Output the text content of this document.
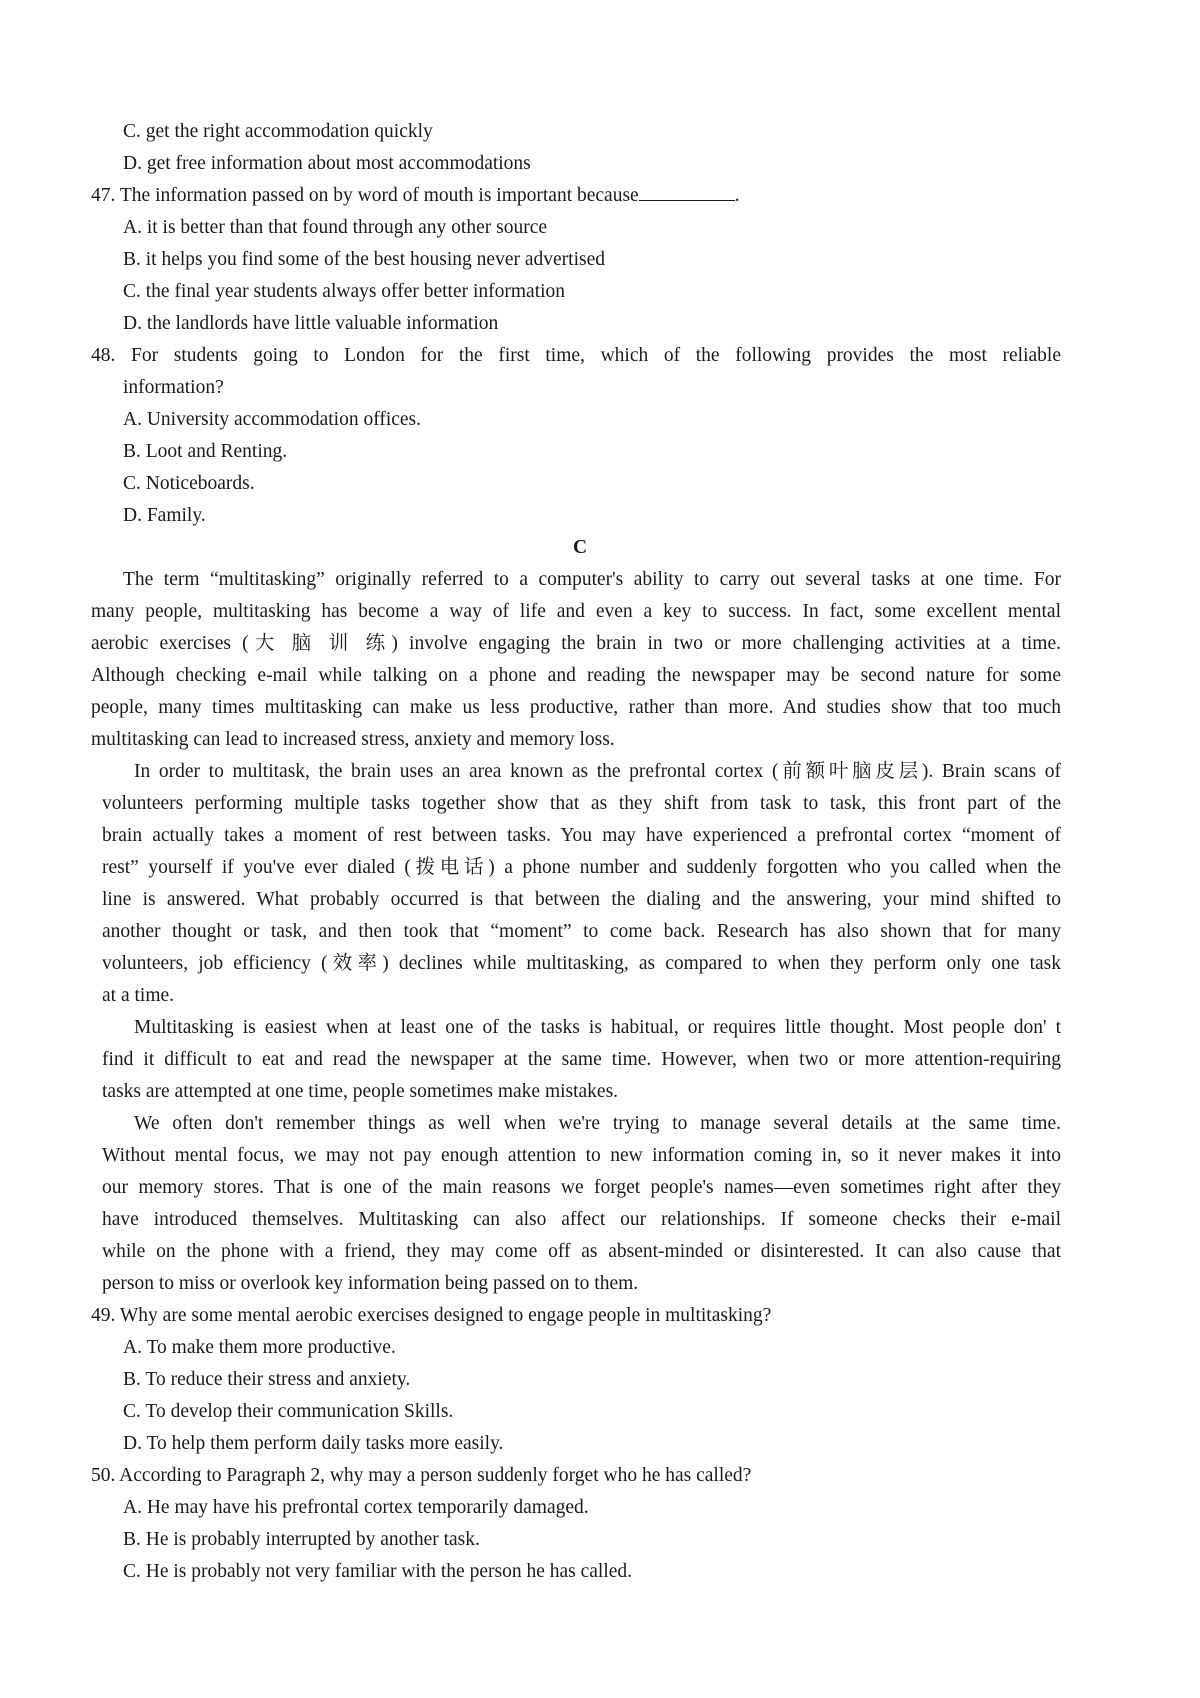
C. get the right accommodation quickly
D. get free information about most accommodations
47. The information passed on by word of mouth is important because	.
A. it is better than that found through any other source
B. it helps you find some of the best housing never advertised
C. the final year students always offer better information
D. the landlords have little valuable information
48. For students going to London for the first time, which of the following provides the most reliable
information?
A. University accommodation offices.
B. Loot and Renting.
C. Noticeboards.
D. Family.
C
The term “multitasking” originally referred to a computer's ability to carry out several tasks at one time. For
many people, multitasking has become a way of life and even a key to success. In fact, some excellent mental
aerobic exercises (大 脑 训 练) involve engaging the brain in two or more challenging activities at a time.
Although checking e-mail while talking on a phone and reading the newspaper may be second nature for some
people, many times multitasking can make us less productive, rather than more. And studies show that too much
multitasking can lead to increased stress, anxiety and memory loss.
In order to multitask, the brain uses an area known as the prefrontal cortex (前额叶脑皮层). Brain scans of
volunteers performing multiple tasks together show that as they shift from task to task, this front part of the
brain actually takes a moment of rest between tasks. You may have experienced a prefrontal cortex “moment of
rest” yourself if you've ever dialed (拨电话) a phone number and suddenly forgotten who you called when the
line is answered. What probably occurred is that between the dialing and the answering, your mind shifted to
another thought or task, and then took that “moment” to come back. Research has also shown that for many
volunteers, job efficiency (效率) declines while multitasking, as compared to when they perform only one task
at a time.
Multitasking is easiest when at least one of the tasks is habitual, or requires little thought. Most people don' t
find it difficult to eat and read the newspaper at the same time. However, when two or more attention-requiring
tasks are attempted at one time, people sometimes make mistakes.
We often don't remember things as well when we're trying to manage several details at the same time.
Without mental focus, we may not pay enough attention to new information coming in, so it never makes it into
our memory stores. That is one of the main reasons we forget people's names—even sometimes right after they
have introduced themselves. Multitasking can also affect our relationships. If someone checks their e-mail
while on the phone with a friend, they may come off as absent-minded or disinterested. It can also cause that
person to miss or overlook key information being passed on to them.
49. Why are some mental aerobic exercises designed to engage people in multitasking?
A. To make them more productive.
B. To reduce their stress and anxiety.
C. To develop their communication Skills.
D. To help them perform daily tasks more easily.
50. According to Paragraph 2, why may a person suddenly forget who he has called?
A. He may have his prefrontal cortex temporarily damaged.
B. He is probably interrupted by another task.
C. He is probably not very familiar with the person he has called.
